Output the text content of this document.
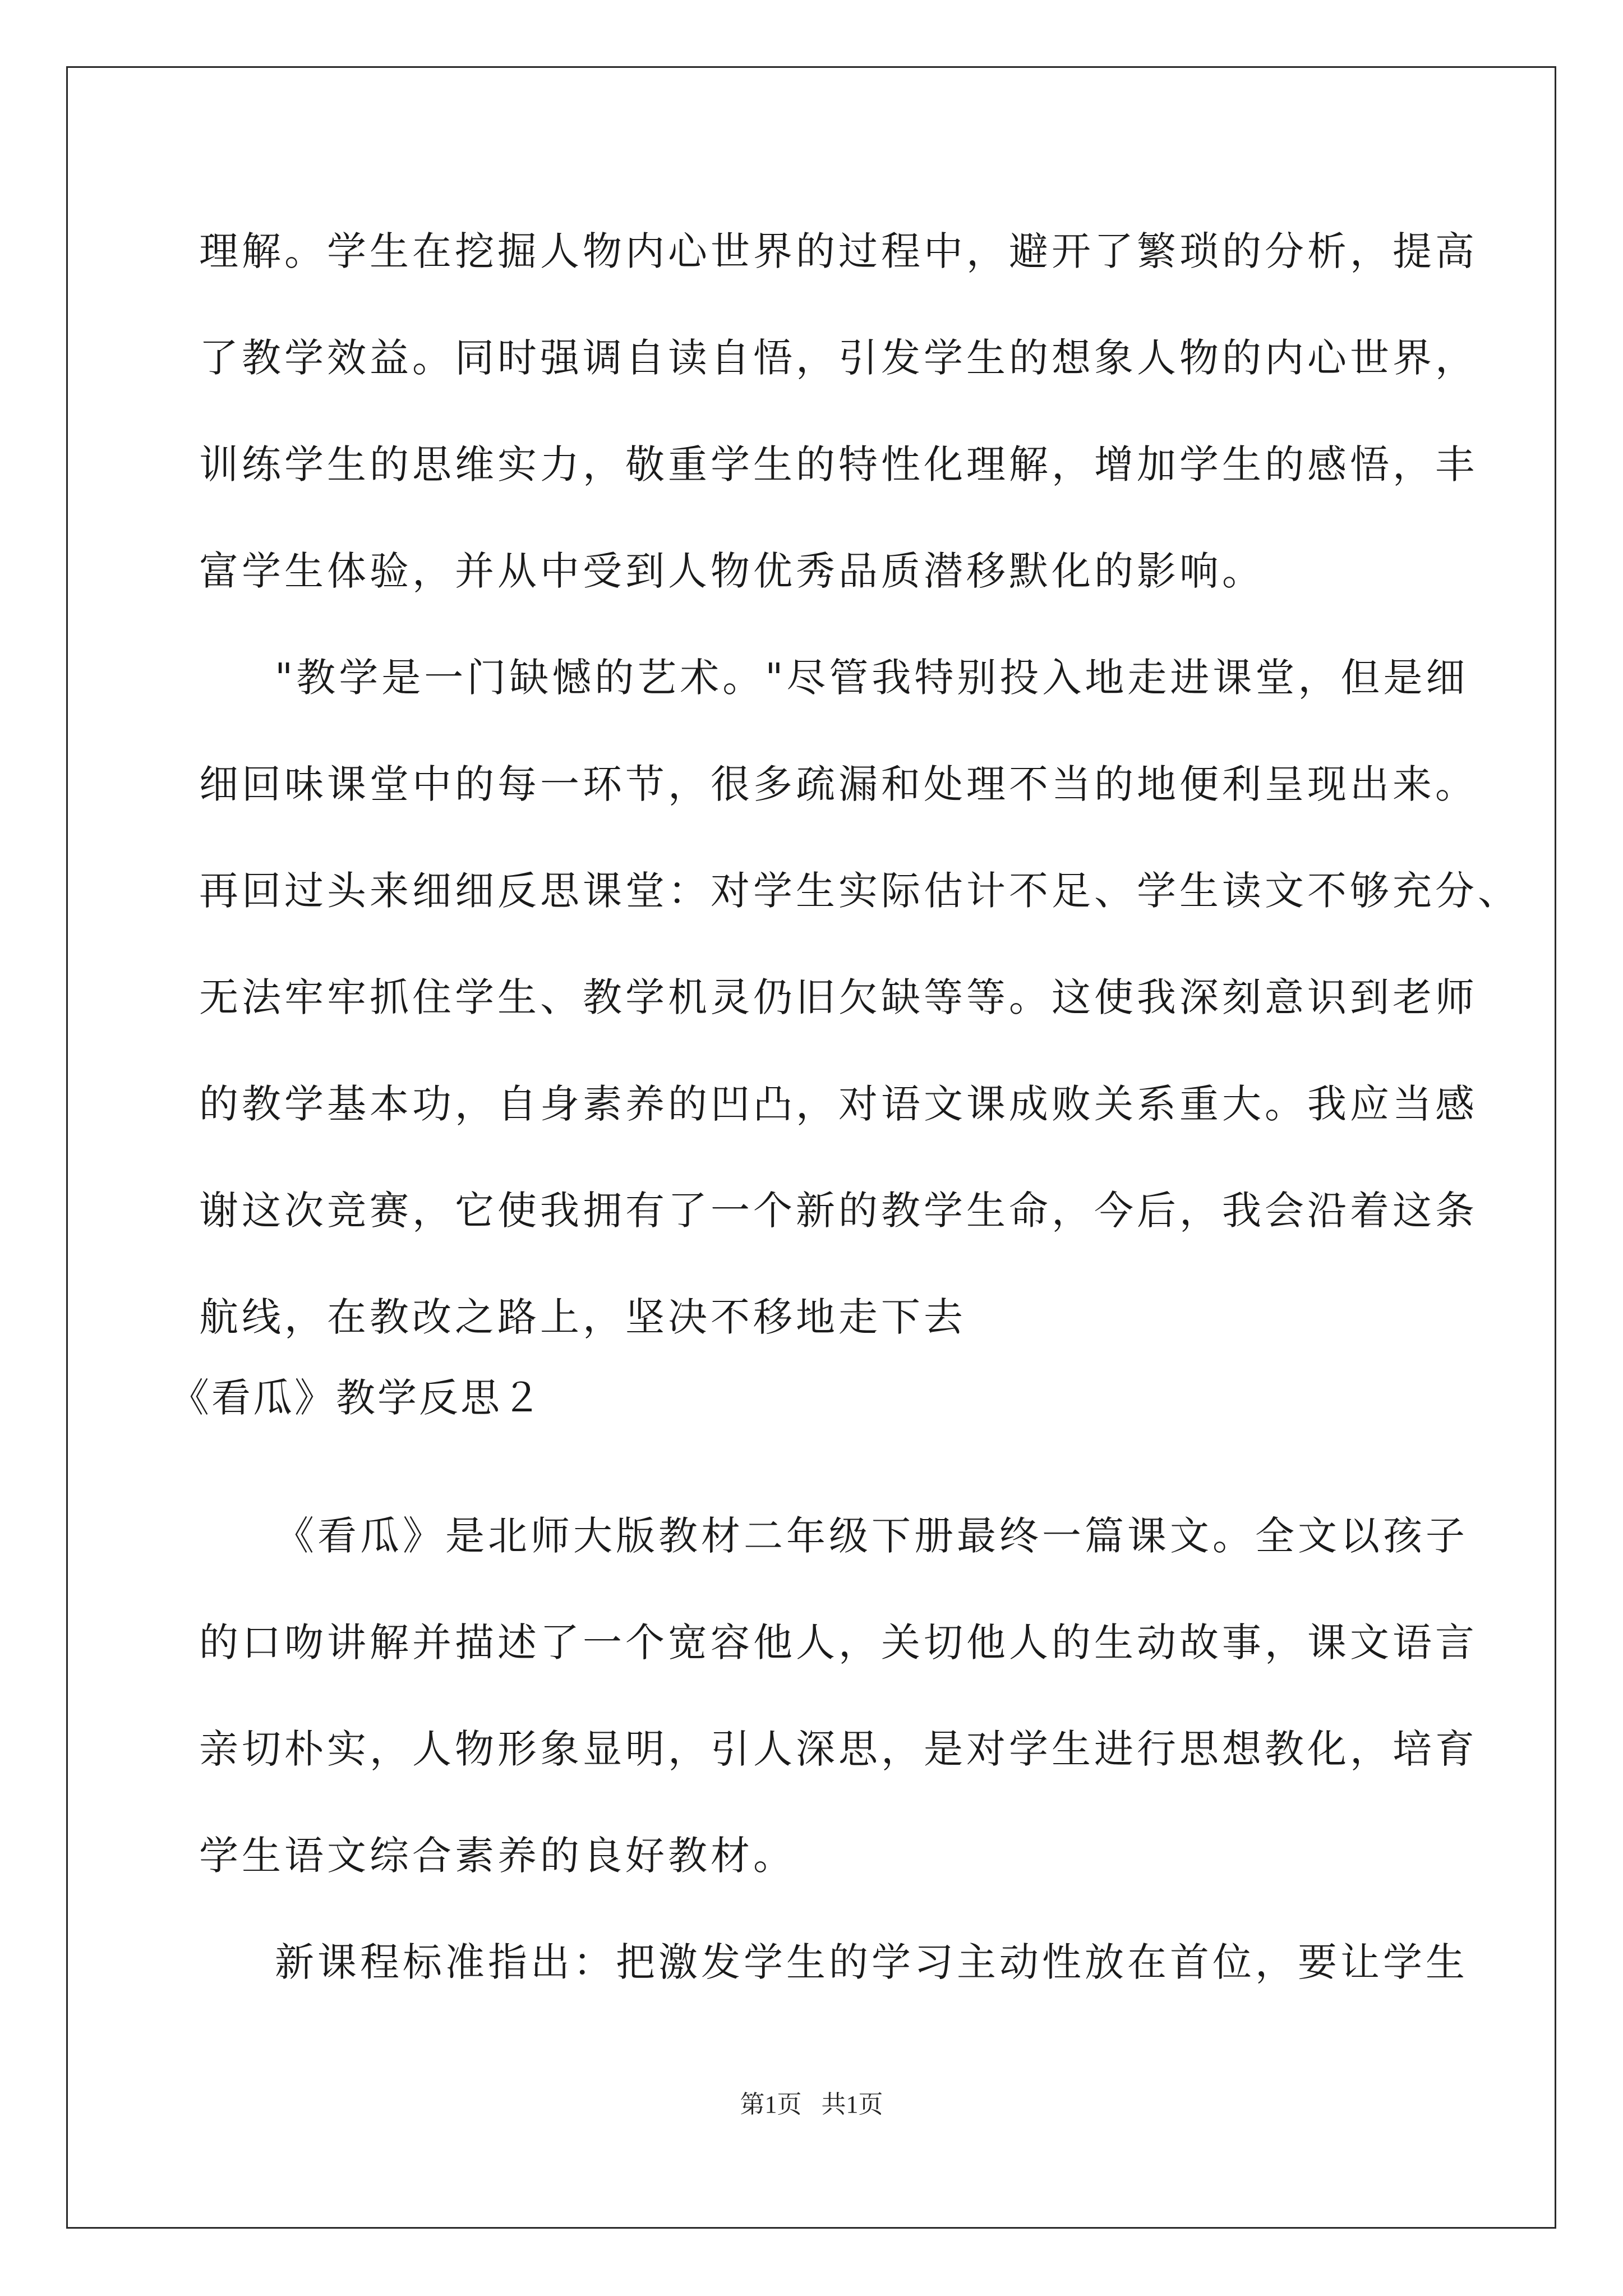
理解。学生在挖掘人物内心世界的过程中，避开了繁琐的分析，提高
了教学效益。同时强调自读自悟，引发学生的想象人物的内心世界，
训练学生的思维实力，敬重学生的特性化理解，增加学生的感悟，丰
富学生体验，并从中受到人物优秀品质潜移默化的影响。
"教学是一门缺憾的艺术。"尽管我特别投入地走进课堂，但是细
细回味课堂中的每一环节，很多疏漏和处理不当的地便利呈现出来。
再回过头来细细反思课堂：对学生实际估计不足、学生读文不够充分、
无法牢牢抓住学生、教学机灵仍旧欠缺等等。这使我深刻意识到老师
的教学基本功，自身素养的凹凸，对语文课成败关系重大。我应当感
谢这次竞赛，它使我拥有了一个新的教学生命，今后，我会沿着这条
航线，在教改之路上，坚决不移地走下去
《看瓜》教学反思２
《看瓜》是北师大版教材二年级下册最终一篇课文。全文以孩子
的口吻讲解并描述了一个宽容他人，关切他人的生动故事，课文语言
亲切朴实，人物形象显明，引人深思，是对学生进行思想教化，培育
学生语文综合素养的良好教材。
新课程标准指出：把激发学生的学习主动性放在首位，要让学生
第1页 共1页
